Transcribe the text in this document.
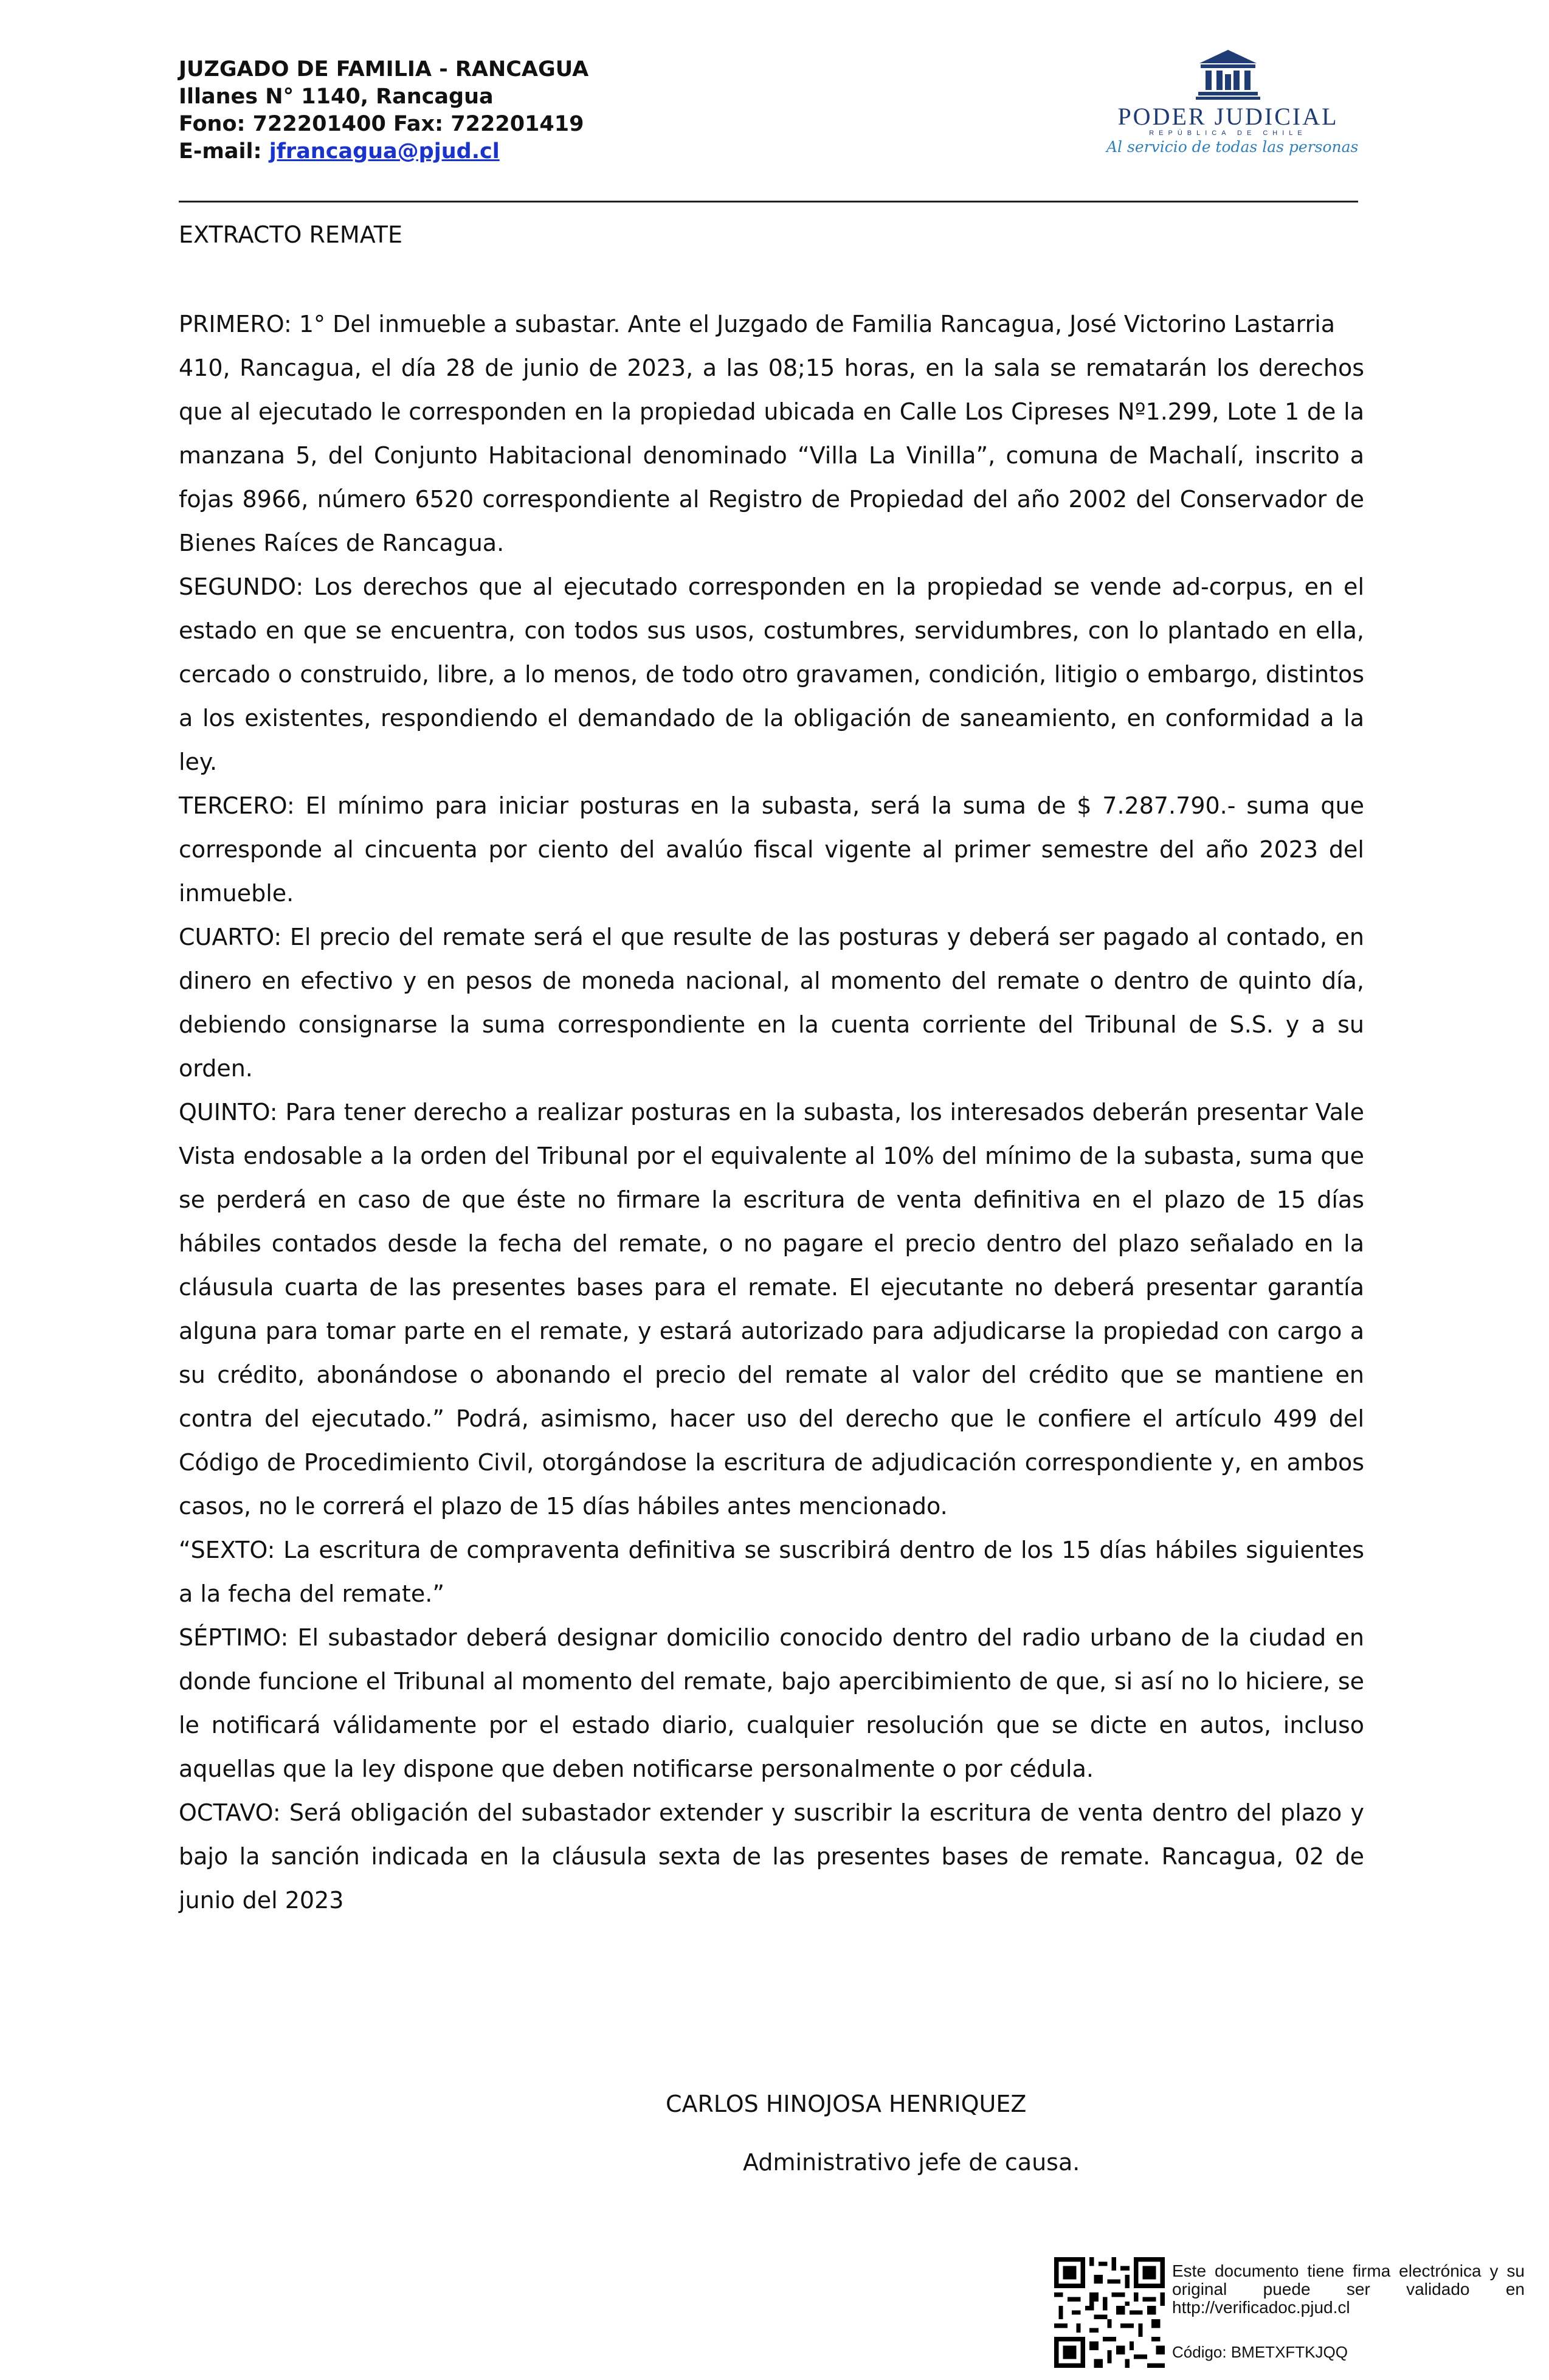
JUZGADO DE FAMILIA - RANCAGUA
Illanes N° 1140, Rancagua
Fono: 722201400 Fax: 722201419
E-mail: jfrancagua@pjud.cl
PODER JUDICIAL
REPÚBLICA DE CHILE
Al servicio de todas las personas
EXTRACTO REMATE

PRIMERO: 1° Del inmueble a subastar. Ante el Juzgado de Familia Rancagua, José Victorino Lastarria

410, Rancagua, el día 28 de junio de 2023, a las 08;15 horas, en la sala se rematarán los derechos que al ejecutado le corresponden en la propiedad ubicada en Calle Los Cipreses Nº1.299, Lote 1 de la manzana 5, del Conjunto Habitacional denominado “Villa La Vinilla”, comuna de Machalí, inscrito a fojas 8966, número 6520 correspondiente al Registro de Propiedad del año 2002 del Conservador de Bienes Raíces de Rancagua.

SEGUNDO: Los derechos que al ejecutado corresponden en la propiedad se vende ad-corpus, en el estado en que se encuentra, con todos sus usos, costumbres, servidumbres, con lo plantado en ella, cercado o construido, libre, a lo menos, de todo otro gravamen, condición, litigio o embargo, distintos a los existentes, respondiendo el demandado de la obligación de saneamiento, en conformidad a la ley.

TERCERO: El mínimo para iniciar posturas en la subasta, será la suma de $ 7.287.790.- suma que corresponde al cincuenta por ciento del avalúo fiscal vigente al primer semestre del año 2023 del inmueble.

CUARTO: El precio del remate será el que resulte de las posturas y deberá ser pagado al contado, en dinero en efectivo y en pesos de moneda nacional, al momento del remate o dentro de quinto día, debiendo consignarse la suma correspondiente en la cuenta corriente del Tribunal de S.S. y a su orden.

QUINTO: Para tener derecho a realizar posturas en la subasta, los interesados deberán presentar Vale Vista endosable a la orden del Tribunal por el equivalente al 10% del mínimo de la subasta, suma que se perderá en caso de que éste no firmare la escritura de venta definitiva en el plazo de 15 días hábiles contados desde la fecha del remate, o no pagare el precio dentro del plazo señalado en la cláusula cuarta de las presentes bases para el remate. El ejecutante no deberá presentar garantía alguna para tomar parte en el remate, y estará autorizado para adjudicarse la propiedad con cargo a su crédito, abonándose o abonando el precio del remate al valor del crédito que se mantiene en contra del ejecutado.” Podrá, asimismo, hacer uso del derecho que le confiere el artículo 499 del Código de Procedimiento Civil, otorgándose la escritura de adjudicación correspondiente y, en ambos casos, no le correrá el plazo de 15 días hábiles antes mencionado.

“SEXTO: La escritura de compraventa definitiva se suscribirá dentro de los 15 días hábiles siguientes a la fecha del remate.”

SÉPTIMO: El subastador deberá designar domicilio conocido dentro del radio urbano de la ciudad en donde funcione el Tribunal al momento del remate, bajo apercibimiento de que, si así no lo hiciere, se le notificará válidamente por el estado diario, cualquier resolución que se dicte en autos, incluso aquellas que la ley dispone que deben notificarse personalmente o por cédula.

OCTAVO: Será obligación del subastador extender y suscribir la escritura de venta dentro del plazo y bajo la sanción indicada en la cláusula sexta de las presentes bases de remate. Rancagua, 02 de junio del 2023

CARLOS HINOJOSA HENRIQUEZ
Administrativo jefe de causa.

Este documento tiene firma electrónica y su original puede ser validado en http://verificadoc.pjud.cl

Código: BMETXFTKJQQ
